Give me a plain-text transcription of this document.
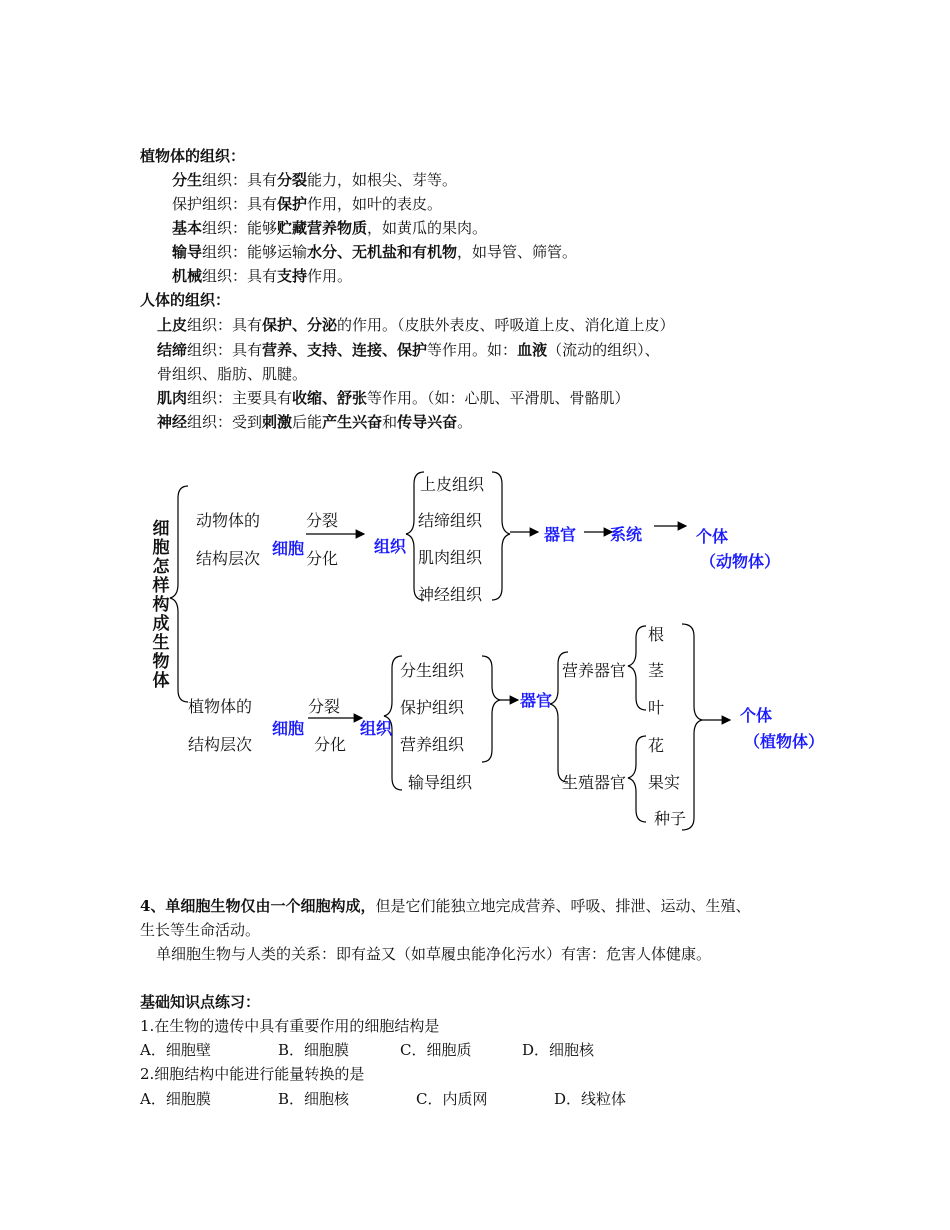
植物体的组织：
分生组织：具有分裂能力，如根尖、芽等。
保护组织：具有保护作用，如叶的表皮。
基本组织：能够贮藏营养物质，如黄瓜的果肉。
输导组织：能够运输水分、无机盐和有机物，如导管、筛管。
机械组织：具有支持作用。
人体的组织：
上皮组织：具有保护、分泌的作用。（皮肤外表皮、呼吸道上皮、消化道上皮）
结缔组织：具有营养、支持、连接、保护等作用。如：血液（流动的组织）、
骨组织、脂肪、肌腱。
肌肉组织：主要具有收缩、舒张等作用。（如：心肌、平滑肌、骨骼肌）
神经组织：受到刺激后能产生兴奋和传导兴奋。
细胞怎样构成生物体
动物体的
结构层次
分裂
细胞
分化
组织
上皮组织
结缔组织
肌肉组织
神经组织
器官 系统	个体
（动物体）
植物体的
结构层次
分裂
细胞
分化
组织
分生组织
保护组织
营养组织
输导组织
器官
营养器官
生殖器官
根
茎
叶
花
果实
种子
个体
（植物体）
4、单细胞生物仅由一个细胞构成，但是它们能独立地完成营养、呼吸、排泄、运动、生殖、
生长等生命活动。
单细胞生物与人类的关系：即有益又（如草履虫能净化污水）有害：危害人体健康。
基础知识点练习：
1.在生物的遗传中具有重要作用的细胞结构是
A．细胞壁	B．细胞膜	C．细胞质	D．细胞核
2.细胞结构中能进行能量转换的是
A．细胞膜	B．细胞核	C．内质网	D．线粒体
